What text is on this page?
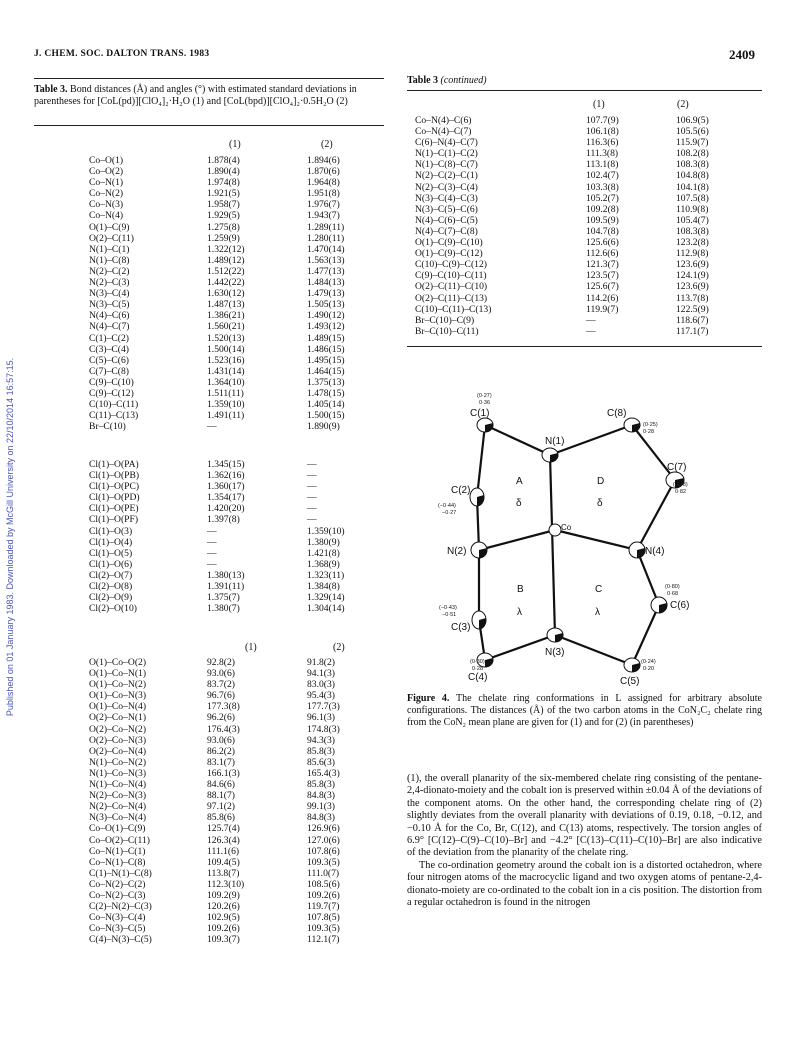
J. CHEM. SOC. DALTON TRANS. 1983	2409
Published on 01 January 1983. Downloaded by McGill University on 22/10/2014 16:57:15.
Table 3. Bond distances (Å) and angles (°) with estimated standard deviations in parentheses for [CoL(pd)][ClO₄]₂·H₂O (1) and [CoL(bpd)][ClO₄]₂·0.5H₂O (2)
(1)	(2)
Co–O(1)	1.878(4)	1.894(6)
Co–O(2)	1.890(4)	1.870(6)
Co–N(1)	1.974(8)	1.964(8)
Co–N(2)	1.921(5)	1.951(8)
Co–N(3)	1.958(7)	1.976(7)
Co–N(4)	1.929(5)	1.943(7)
O(1)–C(9)	1.275(8)	1.289(11)
O(2)–C(11)	1.259(9)	1.280(11)
N(1)–C(1)	1.322(12)	1.470(14)
N(1)–C(8)	1.489(12)	1.563(13)
N(2)–C(2)	1.512(22)	1.477(13)
N(2)–C(3)	1.442(22)	1.484(13)
N(3)–C(4)	1.630(12)	1.479(13)
N(3)–C(5)	1.487(13)	1.505(13)
N(4)–C(6)	1.386(21)	1.490(12)
N(4)–C(7)	1.560(21)	1.493(12)
C(1)–C(2)	1.520(13)	1.489(15)
C(3)–C(4)	1.500(14)	1.486(15)
C(5)–C(6)	1.523(16)	1.495(15)
C(7)–C(8)	1.431(14)	1.464(15)
C(9)–C(10)	1.364(10)	1.375(13)
C(9)–C(12)	1.511(11)	1.478(15)
C(10)–C(11)	1.359(10)	1.405(14)
C(11)–C(13)	1.491(11)	1.500(15)
Br–C(10)	—	1.890(9)
Cl(1)–O(PA)	1.345(15)	—
Cl(1)–O(PB)	1.362(16)	—
Cl(1)–O(PC)	1.360(17)	—
Cl(1)–O(PD)	1.354(17)	—
Cl(1)–O(PE)	1.420(20)	—
Cl(1)–O(PF)	1.397(8)	—
Cl(1)–O(3)	—	1.359(10)
Cl(1)–O(4)	—	1.380(9)
Cl(1)–O(5)	—	1.421(8)
Cl(1)–O(6)	—	1.368(9)
Cl(2)–O(7)	1.380(13)	1.323(11)
Cl(2)–O(8)	1.391(11)	1.384(8)
Cl(2)–O(9)	1.375(7)	1.329(14)
Cl(2)–O(10)	1.380(7)	1.304(14)
(1)	(2)
O(1)–Co–O(2)	92.8(2)	91.8(2)
O(1)–Co–N(1)	93.0(6)	94.1(3)
O(1)–Co–N(2)	83.7(2)	83.0(3)
O(1)–Co–N(3)	96.7(6)	95.4(3)
O(1)–Co–N(4)	177.3(8)	177.7(3)
O(2)–Co–N(1)	96.2(6)	96.1(3)
O(2)–Co–N(2)	176.4(3)	174.8(3)
O(2)–Co–N(3)	93.0(6)	94.3(3)
O(2)–Co–N(4)	86.2(2)	85.8(3)
N(1)–Co–N(2)	83.1(7)	85.6(3)
N(1)–Co–N(3)	166.1(3)	165.4(3)
N(1)–Co–N(4)	84.6(6)	85.8(3)
N(2)–Co–N(3)	88.1(7)	84.8(3)
N(2)–Co–N(4)	97.1(2)	99.1(3)
N(3)–Co–N(4)	85.8(6)	84.8(3)
Co–O(1)–C(9)	125.7(4)	126.9(6)
Co–O(2)–C(11)	126.3(4)	127.0(6)
Co–N(1)–C(1)	111.1(6)	107.8(6)
Co–N(1)–C(8)	109.4(5)	109.3(5)
C(1)–N(1)–C(8)	113.8(7)	111.0(7)
Co–N(2)–C(2)	112.3(10)	108.5(6)
Co–N(2)–C(3)	109.2(9)	109.2(6)
C(2)–N(2)–C(3)	120.2(6)	119.7(7)
Co–N(3)–C(4)	102.9(5)	107.8(5)
Co–N(3)–C(5)	109.2(6)	109.3(5)
C(4)–N(3)–C(5)	109.3(7)	112.1(7)
Table 3 (continued)
(1)	(2)
Co–N(4)–C(6)	107.7(9)	106.9(5)
Co–N(4)–C(7)	106.1(8)	105.5(6)
C(6)–N(4)–C(7)	116.3(6)	115.9(7)
N(1)–C(1)–C(2)	111.3(8)	108.2(8)
N(1)–C(8)–C(7)	113.1(8)	108.3(8)
N(2)–C(2)–C(1)	102.4(7)	104.8(8)
N(2)–C(3)–C(4)	103.3(8)	104.1(8)
N(3)–C(4)–C(3)	105.2(7)	107.5(8)
N(3)–C(5)–C(6)	109.2(8)	110.9(8)
N(4)–C(6)–C(5)	109.5(9)	105.4(7)
N(4)–C(7)–C(8)	104.7(8)	108.3(8)
O(1)–C(9)–C(10)	125.6(6)	123.2(8)
O(1)–C(9)–C(12)	112.6(6)	112.9(8)
C(10)–C(9)–C(12)	121.3(7)	123.6(9)
C(9)–C(10)–C(11)	123.5(7)	124.1(9)
O(2)–C(11)–C(10)	125.6(7)	123.6(9)
O(2)–C(11)–C(13)	114.2(6)	113.7(8)
C(10)–C(11)–C(13)	119.9(7)	122.5(9)
Br–C(10)–C(9)	—	118.6(7)
Br–C(10)–C(11)	—	117.1(7)
C(1)
N(1)
C(8)
C(7)
C(2)
Co
N(2)	N(4)
C(3)
C(6)
C(4)
N(3)
C(5)
A
δ
D
δ
B
λ
C
λ
(0·27)
0·36
(0·25)
0·28
(0·78)
0·82
(−0·44)
−0·27
(0·80)
0·68
(−0·43)
−0·51
(0·30)
0·28
(0·24)
0·20
Figure 4. The chelate ring conformations in L assigned for arbitrary absolute configurations. The distances (Å) of the two carbon atoms in the CoN₂C₂ chelate ring from the CoN₂ mean plane are given for (1) and for (2) (in parentheses)

(1), the overall planarity of the six-membered chelate ring consisting of the pentane-2,4-dionato-moiety and the cobalt ion is preserved within ±0.04 Å of the deviations of the component atoms. On the other hand, the corresponding chelate ring of (2) slightly deviates from the overall planarity with deviations of 0.19, 0.18, −0.12, and −0.10 Å for the Co, Br, C(12), and C(13) atoms, respectively. The torsion angles of 6.9° [C(12)–C(9)–C(10)–Br] and −4.2° [C(13)–C(11)–C(10)–Br] are also indicative of the deviation from the planarity of the chelate ring.

The co-ordination geometry around the cobalt ion is a distorted octahedron, where four nitrogen atoms of the macrocyclic ligand and two oxygen atoms of pentane-2,4-dionato-moiety are co-ordinated to the cobalt ion in a cis position. The distortion from a regular octahedron is found in the nitrogen
